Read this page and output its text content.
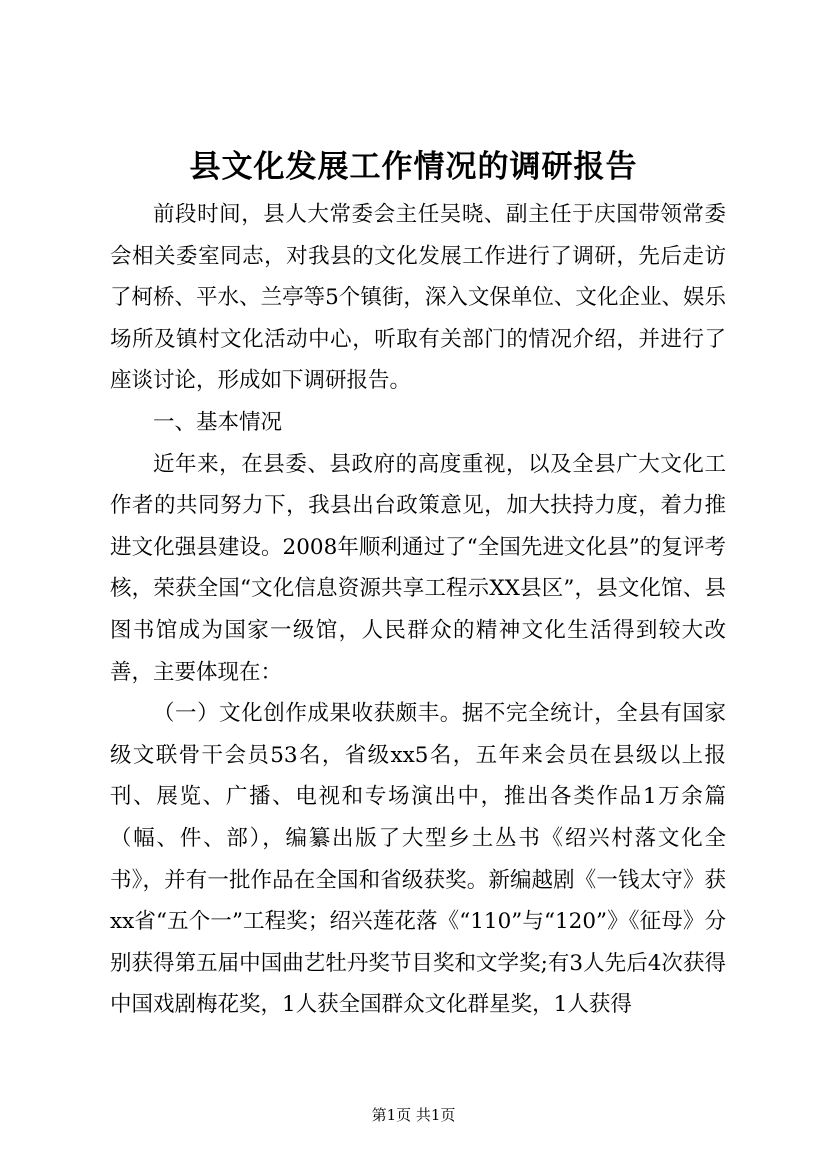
县文化发展工作情况的调研报告

前段时间，县人大常委会主任吴晓、副主任于庆国带领常委会相关委室同志，对我县的文化发展工作进行了调研，先后走访了柯桥、平水、兰亭等5个镇街，深入文保单位、文化企业、娱乐场所及镇村文化活动中心，听取有关部门的情况介绍，并进行了座谈讨论，形成如下调研报告。

一、基本情况

近年来，在县委、县政府的高度重视，以及全县广大文化工作者的共同努力下，我县出台政策意见，加大扶持力度，着力推进文化强县建设。2008年顺利通过了“全国先进文化县”的复评考核，荣获全国“文化信息资源共享工程示XX县区”，县文化馆、县图书馆成为国家一级馆，人民群众的精神文化生活得到较大改善，主要体现在：

（一）文化创作成果收获颇丰。据不完全统计，全县有国家级文联骨干会员53名，省级xx5名，五年来会员在县级以上报刊、展览、广播、电视和专场演出中，推出各类作品1万余篇（幅、件、部），编纂出版了大型乡土丛书《绍兴村落文化全书》，并有一批作品在全国和省级获奖。新编越剧《一钱太守》获xx省“五个一”工程奖；绍兴莲花落《“110”与“120”》《征母》分别获得第五届中国曲艺牡丹奖节目奖和文学奖;有3人先后4次获得中国戏剧梅花奖，1人获全国群众文化群星奖，1人获得

第1页 共1页
